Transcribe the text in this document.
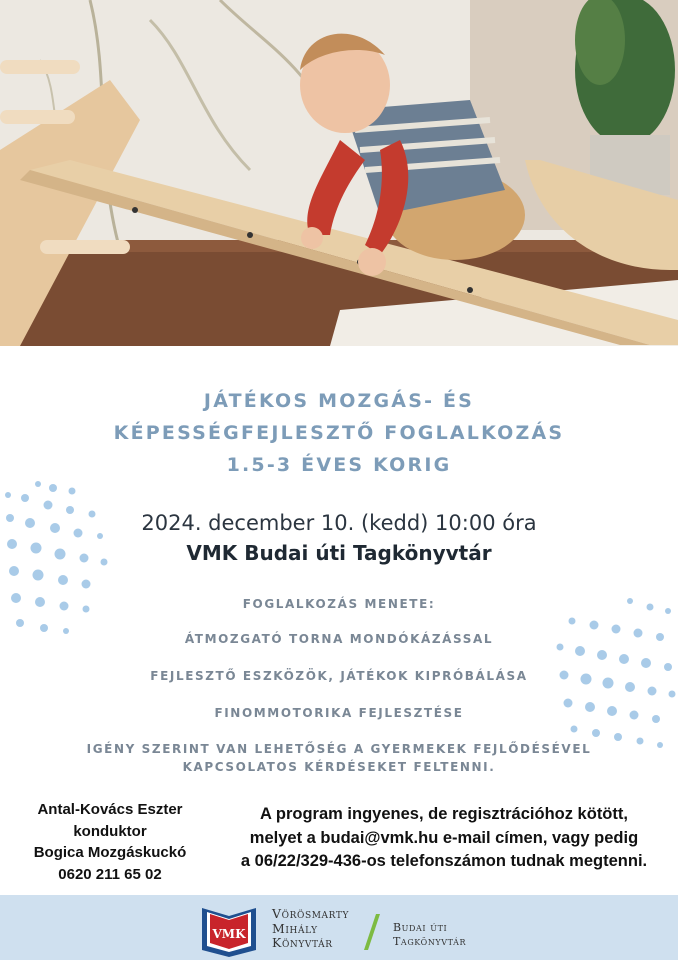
JÁTÉKOS MOZGÁS- ÉS
KÉPESSÉGFEJLESZTŐ FOGLALKOZÁS
1.5-3 ÉVES KORIG
2024. december 10. (kedd) 10:00 óra
VMK Budai úti Tagkönyvtár
FOGLALKOZÁS MENETE:
ÁTMOZGATÓ TORNA MONDÓKÁZÁSSAL
FEJLESZTŐ ESZKÖZÖK, JÁTÉKOK KIPRÓBÁLÁSA
FINOMMOTORIKA FEJLESZTÉSE
IGÉNY SZERINT VAN LEHETŐSÉG A GYERMEKEK FEJLŐDÉSÉVEL
KAPCSOLATOS KÉRDÉSEKET FELTENNI.
Antal-Kovács Eszter
konduktor
Bogica Mozgáskuckó
0620 211 65 02
A program ingyenes, de regisztrációhoz kötött,
melyet a budai@vmk.hu e-mail címen, vagy pedig
a 06/22/329-436-os telefonszámon tudnak megtenni.
VMK
Vörösmarty
Mihály
Könyvtár
Budai úti
Tagkönyvtár
